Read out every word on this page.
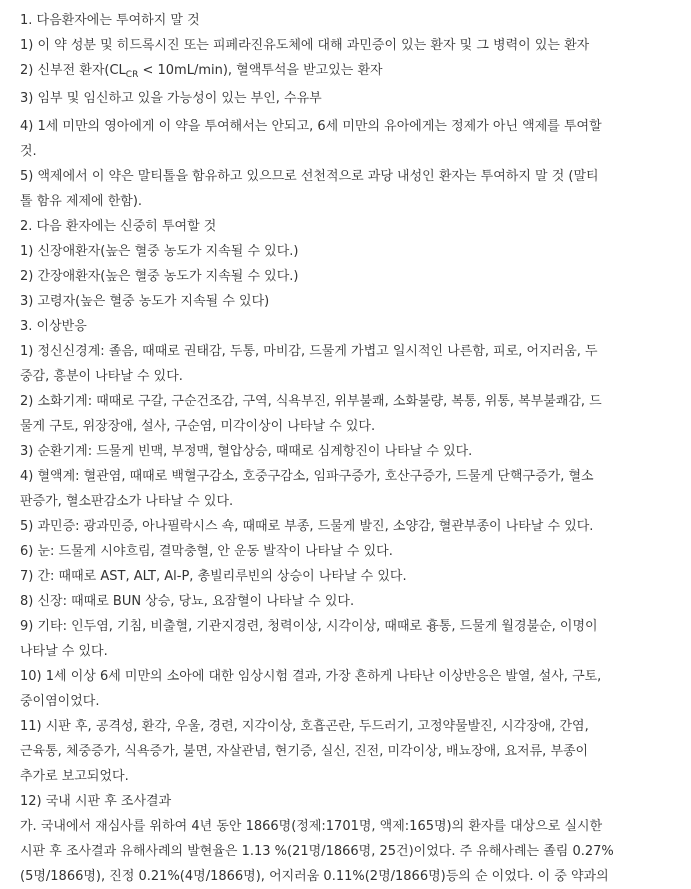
1. 다음환자에는 투여하지 말 것

1) 이 약 성분 및 히드록시진 또는 피페라진유도체에 대해 과민증이 있는 환자 및 그 병력이 있는 환자

2) 신부전 환자$(CL_{CR} < 10mL/\min)$, 혈액투석을 받고있는 환자

3) 임부 및 임신하고 있을 가능성이 있는 부인, 수유부

4) 1세 미만의 영아에게 이 약을 투여해서는 안되고, 6세 미만의 유아에게는 정제가 아닌 액제를 투여할
것.

5) 액제에서 이 약은 말티톨을 함유하고 있으므로 선천적으로 과당 내성인 환자는 투여하지 말 것 (말티
톨 함유 제제에 한함).

2. 다음 환자에는 신중히 투여할 것

1) 신장애환자(높은 혈중 농도가 지속될 수 있다.)

2) 간장애환자(높은 혈중 농도가 지속될 수 있다.)

3) 고령자(높은 혈중 농도가 지속될 수 있다)

3. 이상반응

1) 정신신경계: 졸음, 때때로 권태감, 두통, 마비감, 드물게 가볍고 일시적인 나른함, 피로, 어지러움, 두
중감, 흥분이 나타날 수 있다.

2) 소화기계: 때때로 구갈, 구순건조감, 구역, 식욕부진, 위부불쾌, 소화불량, 복통, 위통, 복부불쾌감, 드
물게 구토, 위장장애, 설사, 구순염, 미각이상이 나타날 수 있다.

3) 순환기계: 드물게 빈맥, 부정맥, 혈압상승, 때때로 심계항진이 나타날 수 있다.

4) 혈액계: 혈관염, 때때로 백혈구감소, 호중구감소, 임파구증가, 호산구증가, 드물게 단핵구증가, 혈소
판증가, 혈소판감소가 나타날 수 있다.

5) 과민증: 광과민증, 아나필락시스 쇽, 때때로 부종, 드물게 발진, 소양감, 혈관부종이 나타날 수 있다.

6) 눈: 드물게 시야흐림, 결막충혈, 안 운동 발작이 나타날 수 있다.

7) 간: 때때로 AST, ALT, Al-P, 총빌리루빈의 상승이 나타날 수 있다.

8) 신장: 때때로 BUN 상승, 당뇨, 요잠혈이 나타날 수 있다.

9) 기타: 인두염, 기침, 비출혈, 기관지경련, 청력이상, 시각이상, 때때로 흉통, 드물게 월경불순, 이명이
나타날 수 있다.

10) 1세 이상 6세 미만의 소아에 대한 임상시험 결과, 가장 흔하게 나타난 이상반응은 발열, 설사, 구토,
중이염이었다.

11) 시판 후, 공격성, 환각, 우울, 경련, 지각이상, 호흡곤란, 두드러기, 고정약물발진, 시각장애, 간염,
근육통, 체중증가, 식욕증가, 불면, 자살관념, 현기증, 실신, 진전, 미각이상, 배뇨장애, 요저류, 부종이
추가로 보고되었다.

12) 국내 시판 후 조사결과

가. 국내에서 재심사를 위하여 4년 동안 1866명(정제:1701명, 액제:165명)의 환자를 대상으로 실시한
시판 후 조사결과 유해사례의 발현율은 1.13 %(21명/1866명, 25건)이었다. 주 유해사례는 졸림 0.27%
(5명/1866명), 진정 0.21%(4명/1866명), 어지러움 0.11%(2명/1866명)등의 순 이었다. 이 중 약과의
